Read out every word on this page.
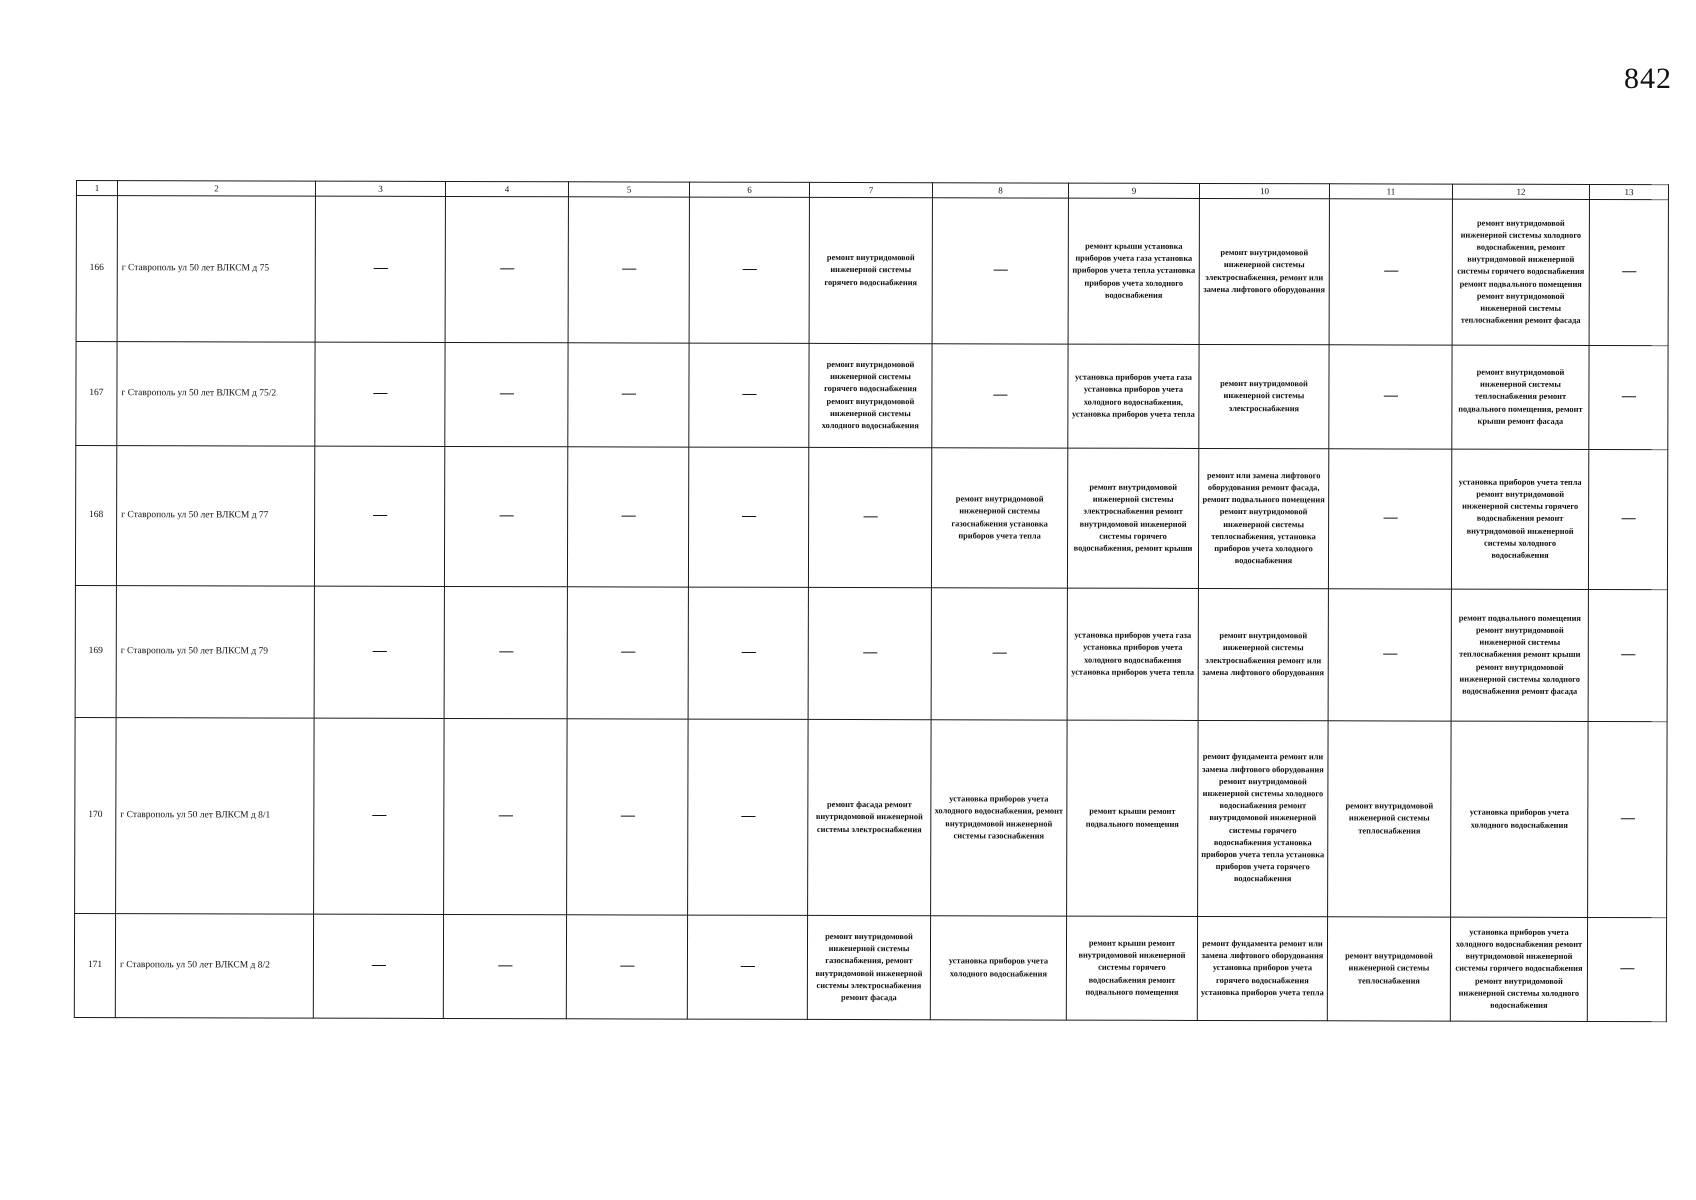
842
1	2	3	4	5	6	7	8	9	10	11	12	13
166	г Ставрополь ул 50 лет ВЛКСМ д 75	—	—	—	—	ремонт внутридомовой инженерной системы горячего водоснабжения	—	ремонт крыши установка приборов учета газа установка приборов учета тепла установка приборов учета холодного водоснабжения	ремонт внутридомовой инженерной системы электроснабжения, ремонт или замена лифтового оборудования	—	ремонт внутридомовой инженерной системы холодного водоснабжения, ремонт внутридомовой инженерной системы горячего водоснабжения ремонт подвального помещения ремонт внутридомовой инженерной системы теплоснабжения ремонт фасада	—
167	г Ставрополь ул 50 лет ВЛКСМ д 75/2	—	—	—	—	ремонт внутридомовой инженерной системы горячего водоснабжения ремонт внутридомовой инженерной системы холодного водоснабжения	—	установка приборов учета газа установка приборов учета холодного водоснабжения, установка приборов учета тепла	ремонт внутридомовой инженерной системы электроснабжения	—	ремонт внутридомовой инженерной системы теплоснабжения ремонт подвального помещения, ремонт крыши ремонт фасада	—
168	г Ставрополь ул 50 лет ВЛКСМ д 77	—	—	—	—	—	ремонт внутридомовой инженерной системы газоснабжения установка приборов учета тепла	ремонт внутридомовой инженерной системы электроснабжения ремонт внутридомовой инженерной системы горячего водоснабжения, ремонт крыши	ремонт или замена лифтового оборудования ремонт фасада, ремонт подвального помещения ремонт внутридомовой инженерной системы теплоснабжения, установка приборов учета холодного водоснабжения	—	установка приборов учета тепла ремонт внутридомовой инженерной системы горячего водоснабжения ремонт внутридомовой инженерной системы холодного водоснабжения	—
169	г Ставрополь ул 50 лет ВЛКСМ д 79	—	—	—	—	—	—	установка приборов учета газа установка приборов учета холодного водоснабжения установка приборов учета тепла	ремонт внутридомовой инженерной системы электроснабжения ремонт или замена лифтового оборудования	—	ремонт подвального помещения ремонт внутридомовой инженерной системы теплоснабжения ремонт крыши ремонт внутридомовой инженерной системы холодного водоснабжения ремонт фасада	—
170	г Ставрополь ул 50 лет ВЛКСМ д 8/1	—	—	—	—	ремонт фасада ремонт внутридомовой инженерной системы электроснабжения	установка приборов учета холодного водоснабжения, ремонт внутридомовой инженерной системы газоснабжения	ремонт крыши ремонт подвального помещения	ремонт фундамента ремонт или замена лифтового оборудования ремонт внутридомовой инженерной системы холодного водоснабжения ремонт внутридомовой инженерной системы горячего водоснабжения установка приборов учета тепла установка приборов учета горячего водоснабжения	ремонт внутридомовой инженерной системы теплоснабжения	установка приборов учета холодного водоснабжения	—
171	г Ставрополь ул 50 лет ВЛКСМ д 8/2	—	—	—	—	ремонт внутридомовой инженерной системы газоснабжения, ремонт внутридомовой инженерной системы электроснабжения ремонт фасада	установка приборов учета холодного водоснабжения	ремонт крыши ремонт внутридомовой инженерной системы горячего водоснабжения ремонт подвального помещения	ремонт фундамента ремонт или замена лифтового оборудования установка приборов учета горячего водоснабжения установка приборов учета тепла	ремонт внутридомовой инженерной системы теплоснабжения	установка приборов учета холодного водоснабжения ремонт внутридомовой инженерной системы горячего водоснабжения ремонт внутридомовой инженерной системы холодного водоснабжения	—
